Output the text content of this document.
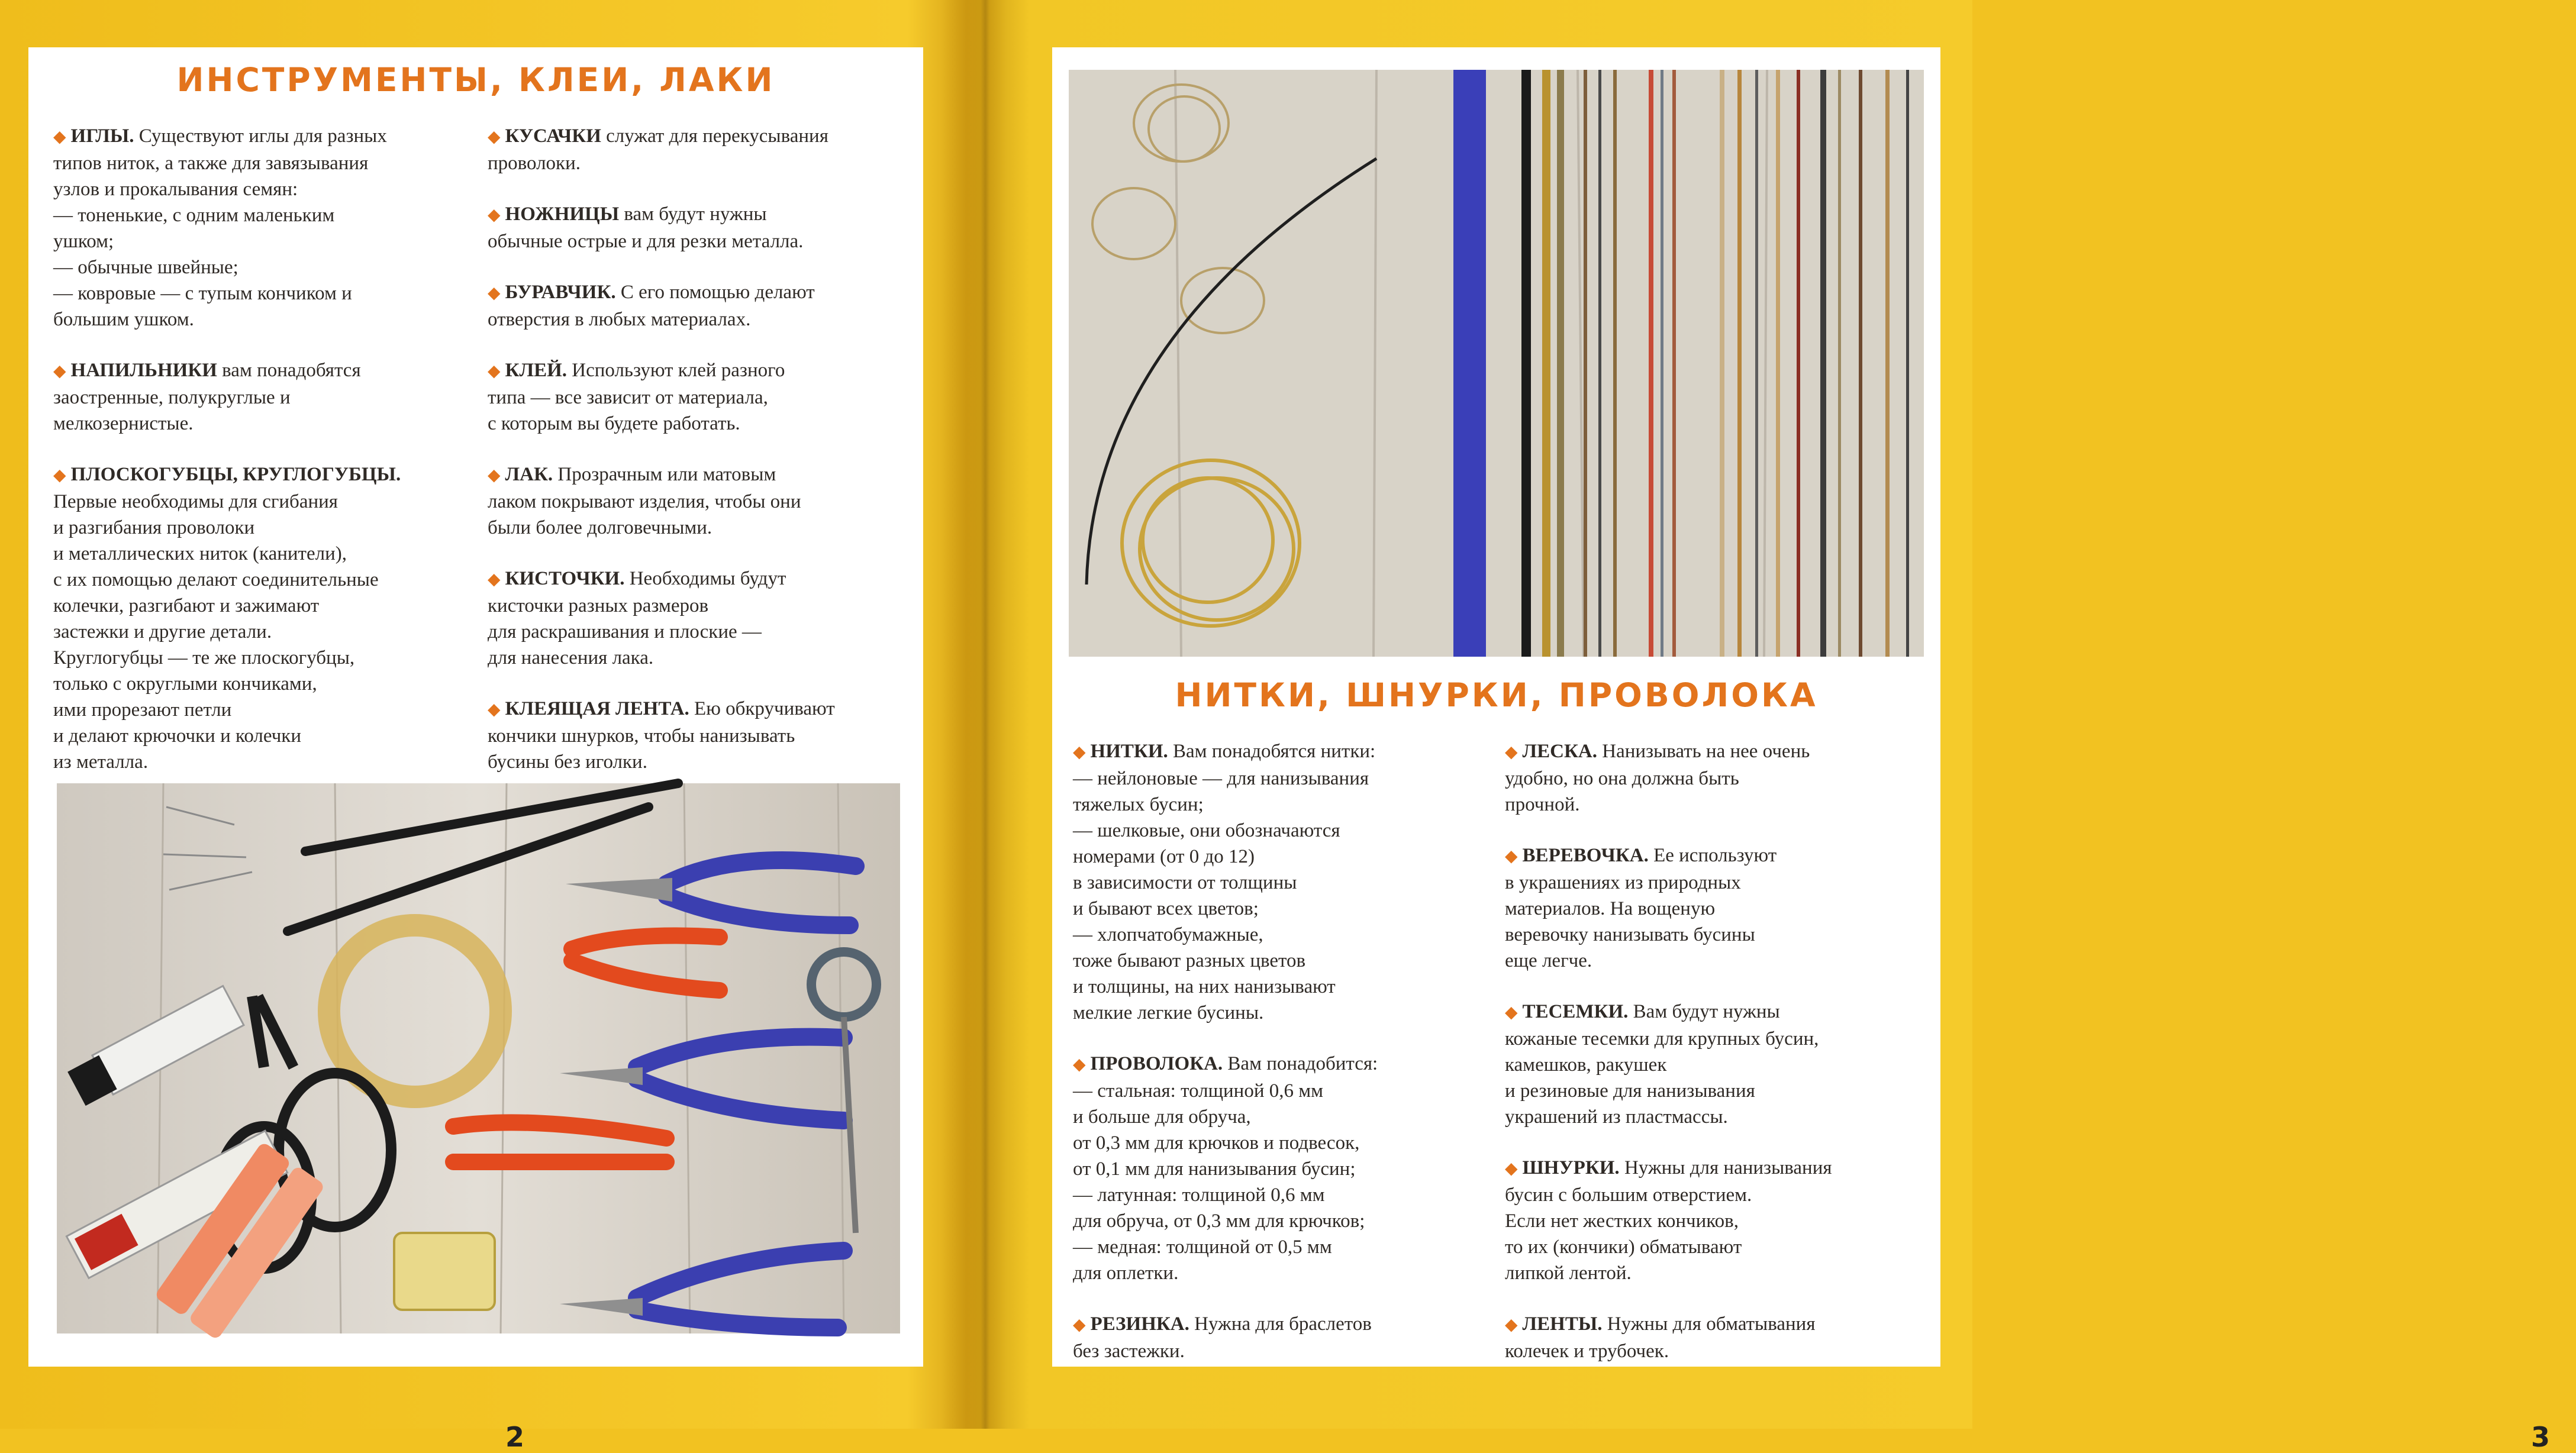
ИНСТРУМЕНТЫ, КЛЕИ, ЛАКИ

◆ ИГЛЫ. Существуют иглы для разных
типов ниток, а также для завязывания
узлов и прокалывания семян:
— тоненькие, с одним маленьким
ушком;
— обычные швейные;
— ковровые — с тупым кончиком и
большим ушком.

◆ НАПИЛЬНИКИ вам понадобятся
заостренные, полукруглые и
мелкозернистые.

◆ ПЛОСКОГУБЦЫ, КРУГЛОГУБЦЫ.
Первые необходимы для сгибания
и разгибания проволоки
и металлических ниток (канители),
с их помощью делают соединительные
колечки, разгибают и зажимают
застежки и другие детали.
Круглогубцы — те же плоскогубцы,
только с округлыми кончиками,
ими прорезают петли
и делают крючочки и колечки
из металла.

◆ КУСАЧКИ служат для перекусывания
проволоки.

◆ НОЖНИЦЫ вам будут нужны
обычные острые и для резки металла.

◆ БУРАВЧИК. С его помощью делают
отверстия в любых материалах.

◆ КЛЕЙ. Используют клей разного
типа — все зависит от материала,
с которым вы будете работать.

◆ ЛАК. Прозрачным или матовым
лаком покрывают изделия, чтобы они
были более долговечными.

◆ КИСТОЧКИ. Необходимы будут
кисточки разных размеров
для раскрашивания и плоские —
для нанесения лака.

◆ КЛЕЯЩАЯ ЛЕНТА. Ею обкручивают
кончики шнурков, чтобы нанизывать
бусины без иголки.

2
НИТКИ, ШНУРКИ, ПРОВОЛОКА

◆ НИТКИ. Вам понадобятся нитки:
— нейлоновые — для нанизывания
тяжелых бусин;
— шелковые, они обозначаются
номерами (от 0 до 12)
в зависимости от толщины
и бывают всех цветов;
— хлопчатобумажные,
тоже бывают разных цветов
и толщины, на них нанизывают
мелкие легкие бусины.

◆ ПРОВОЛОКА. Вам понадобится:
— стальная: толщиной 0,6 мм
и больше для обруча,
от 0,3 мм для крючков и подвесок,
от 0,1 мм для нанизывания бусин;
— латунная: толщиной 0,6 мм
для обруча, от 0,3 мм для крючков;
— медная: толщиной от 0,5 мм
для оплетки.

◆ РЕЗИНКА. Нужна для браслетов
без застежки.

◆ ЛЕСКА. Нанизывать на нее очень
удобно, но она должна быть
прочной.

◆ ВЕРЕВОЧКА. Ее используют
в украшениях из природных
материалов. На вощеную
веревочку нанизывать бусины
еще легче.

◆ ТЕСЕМКИ. Вам будут нужны
кожаные тесемки для крупных бусин,
камешков, ракушек
и резиновые для нанизывания
украшений из пластмассы.

◆ ШНУРКИ. Нужны для нанизывания
бусин с большим отверстием.
Если нет жестких кончиков,
то их (кончики) обматывают
липкой лентой.

◆ ЛЕНТЫ. Нужны для обматывания
колечек и трубочек.

3
